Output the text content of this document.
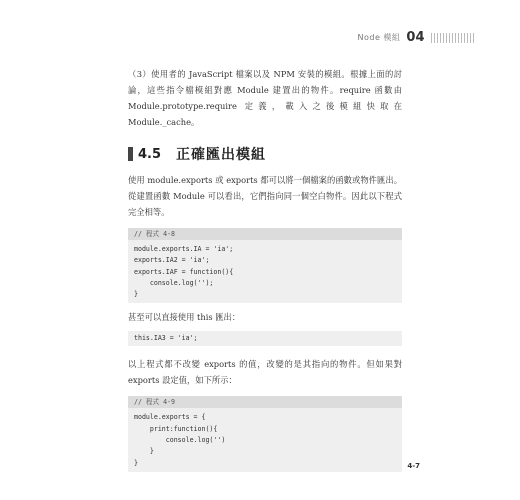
Node 模組 04

（3）使用者的 JavaScript 檔案以及 NPM 安裝的模組。根據上面的討論，這些指令檔模組對應 Module 建置出的物件。require 函數由 Module.prototype.require 定義，載入之後模組快取在 Module._cache。

4.5 正確匯出模組

使用 module.exports 或 exports 都可以將一個檔案的函數或物件匯出。從建置函數 Module 可以看出，它們指向同一個空白物件。因此以下程式完全相等。

// 程式 4-8
module.exports.IA = 'ia';
exports.IA2 = 'ia';
exports.IAF = function(){
console.log('');
}

甚至可以直接使用 this 匯出：

this.IA3 = 'ia';

以上程式都不改變 exports 的值，改變的是其指向的物件。但如果對 exports 設定值，如下所示：

// 程式 4-9
module.exports = {
print:function(){
console.log('')
}
}	4-7
